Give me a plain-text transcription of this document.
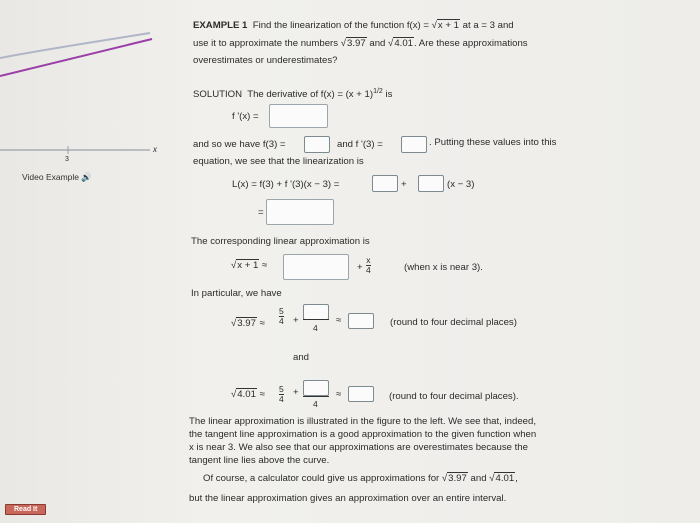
3
x
Video Example 🔊
Read It
EXAMPLE 1 Find the linearization of the function f(x) = √x + 1 at a = 3 and
use it to approximate the numbers √3.97 and √4.01. Are these approximations
overestimates or underestimates?
SOLUTION The derivative of $f(x) = (x + 1)^{1/2}$ is
f '(x) =
and so we have f(3) =	and f '(3) =	. Putting these values into this
equation, we see that the linearization is
L(x) = f(3) + f '(3)(x − 3) =	+	(x − 3)
=
The corresponding linear approximation is
√x + 1 ≈	+ $\frac{x}{4}$	(when x is near 3).
In particular, we have
$√3.97 \approx \frac{5}{4}$ +
4
≈	(round to four decimal places)
and
$√4.01 \approx \frac{5}{4}$ +
4
≈	(round to four decimal places).
The linear approximation is illustrated in the figure to the left. We see that, indeed,
the tangent line approximation is a good approximation to the given function when
x is near 3. We also see that our approximations are overestimates because the
tangent line lies above the curve.
Of course, a calculator could give us approximations for √3.97 and √4.01,
but the linear approximation gives an approximation over an entire interval.
